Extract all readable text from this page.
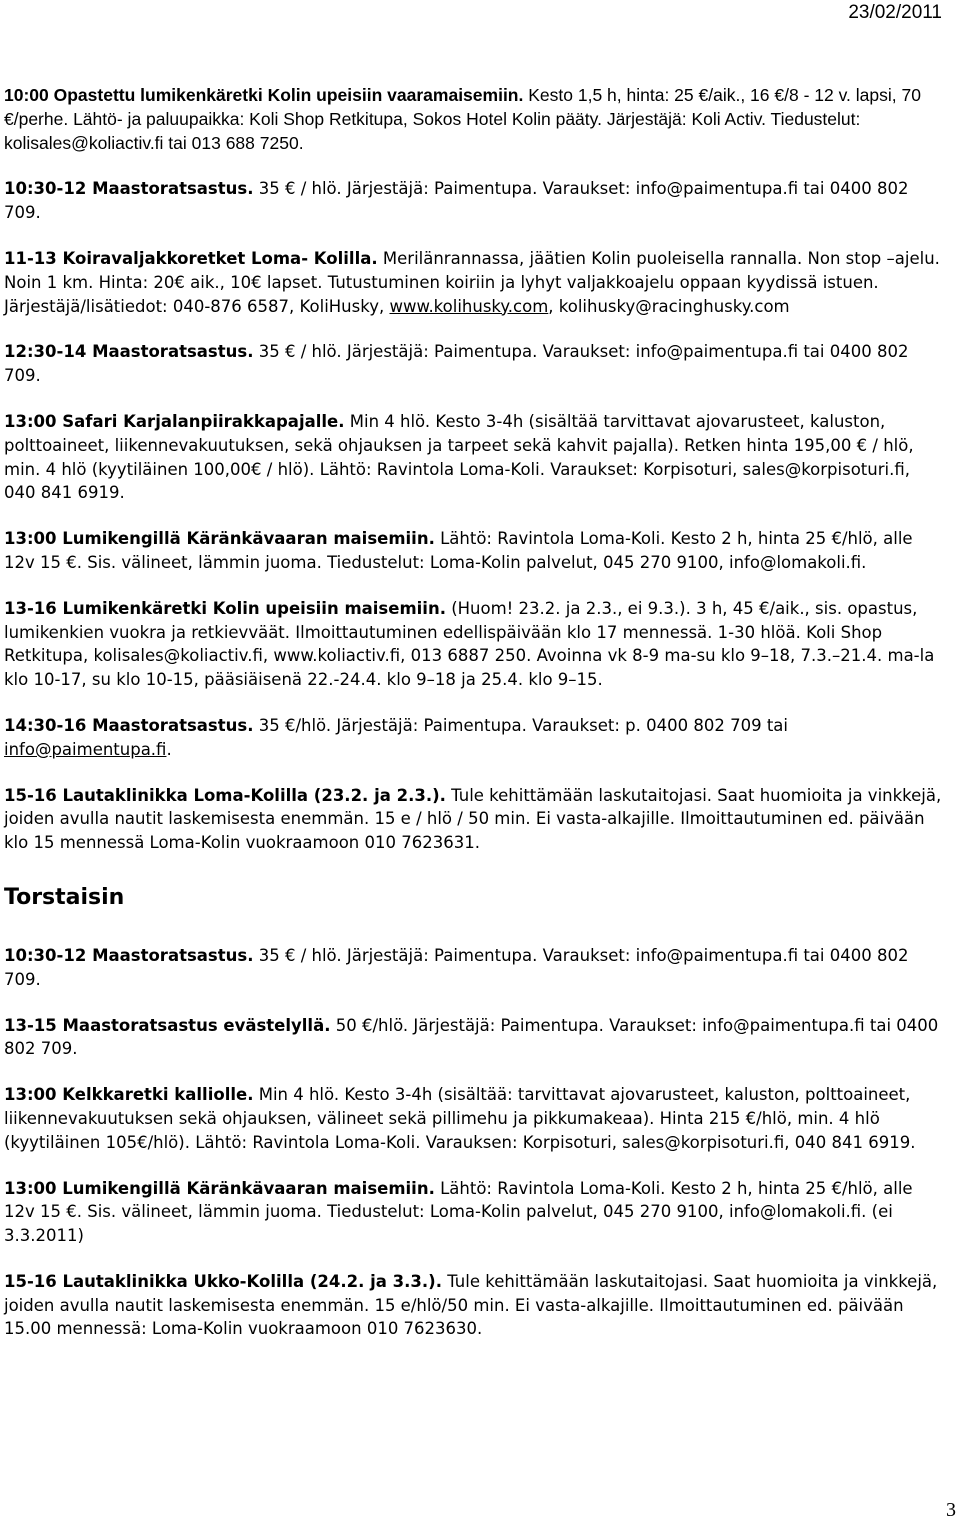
23/02/2011

10:00 Opastettu lumikenkäretki Kolin upeisiin vaaramaisemiin. Kesto 1,5 h, hinta: 25 €/aik., 16 €/8 - 12 v. lapsi, 70 €/perhe. Lähtö- ja paluupaikka: Koli Shop Retkitupa, Sokos Hotel Kolin pääty. Järjestäjä: Koli Activ. Tiedustelut: kolisales@koliactiv.fi tai 013 688 7250.

10:30-12 Maastoratsastus. 35 € / hlö. Järjestäjä: Paimentupa. Varaukset: info@paimentupa.fi tai 0400 802 709.

11-13 Koiravaljakkoretket Loma- Kolilla. Merilänrannassa, jäätien Kolin puoleisella rannalla. Non stop –ajelu. Noin 1 km. Hinta: 20€ aik., 10€ lapset. Tutustuminen koiriin ja lyhyt valjakkoajelu oppaan kyydissä istuen. Järjestäjä/lisätiedot: 040-876 6587, KoliHusky, www.kolihusky.com, kolihusky@racinghusky.com

12:30-14 Maastoratsastus. 35 € / hlö. Järjestäjä: Paimentupa. Varaukset: info@paimentupa.fi tai 0400 802 709.

13:00 Safari Karjalanpiirakkapajalle. Min 4 hlö. Kesto 3-4h (sisältää tarvittavat ajovarusteet, kaluston, polttoaineet, liikennevakuutuksen, sekä ohjauksen ja tarpeet sekä kahvit pajalla). Retken hinta 195,00 € / hlö, min. 4 hlö (kyytiläinen 100,00€ / hlö). Lähtö: Ravintola Loma-Koli. Varaukset: Korpisoturi, sales@korpisoturi.fi, 040 841 6919.

13:00 Lumikengillä Käränkävaaran maisemiin. Lähtö: Ravintola Loma-Koli. Kesto 2 h, hinta 25 €/hlö, alle 12v 15 €. Sis. välineet, lämmin juoma. Tiedustelut: Loma-Kolin palvelut, 045 270 9100, info@lomakoli.fi.

13-16 Lumikenkäretki Kolin upeisiin maisemiin. (Huom! 23.2. ja 2.3., ei 9.3.). 3 h, 45 €/aik., sis. opastus, lumikenkien vuokra ja retkievväät. Ilmoittautuminen edellispäivään klo 17 mennessä. 1-30 hlöä. Koli Shop Retkitupa, kolisales@koliactiv.fi, www.koliactiv.fi, 013 6887 250. Avoinna vk 8-9 ma-su klo 9–18, 7.3.–21.4. ma-la klo 10-17, su klo 10-15, pääsiäisenä 22.-24.4. klo 9–18 ja 25.4. klo 9–15.

14:30-16 Maastoratsastus. 35 €/hlö. Järjestäjä: Paimentupa. Varaukset: p. 0400 802 709 tai info@paimentupa.fi.

15-16 Lautaklinikka Loma-Kolilla (23.2. ja 2.3.). Tule kehittämään laskutaitojasi. Saat huomioita ja vinkkejä, joiden avulla nautit laskemisesta enemmän. 15 e / hlö / 50 min. Ei vasta-alkajille. Ilmoittautuminen ed. päivään klo 15 mennessä Loma-Kolin vuokraamoon 010 7623631.

Torstaisin

10:30-12 Maastoratsastus. 35 € / hlö. Järjestäjä: Paimentupa. Varaukset: info@paimentupa.fi tai 0400 802 709.

13-15 Maastoratsastus evästelyllä. 50 €/hlö. Järjestäjä: Paimentupa. Varaukset: info@paimentupa.fi tai 0400 802 709.

13:00 Kelkkaretki kalliolle. Min 4 hlö. Kesto 3-4h (sisältää: tarvittavat ajovarusteet, kaluston, polttoaineet, liikennevakuutuksen sekä ohjauksen, välineet sekä pillimehu ja pikkumakeaa). Hinta 215 €/hlö, min. 4 hlö (kyytiläinen 105€/hlö). Lähtö: Ravintola Loma-Koli. Varauksen: Korpisoturi, sales@korpisoturi.fi, 040 841 6919.

13:00 Lumikengillä Käränkävaaran maisemiin. Lähtö: Ravintola Loma-Koli. Kesto 2 h, hinta 25 €/hlö, alle 12v 15 €. Sis. välineet, lämmin juoma. Tiedustelut: Loma-Kolin palvelut, 045 270 9100, info@lomakoli.fi. (ei 3.3.2011)

15-16 Lautaklinikka Ukko-Kolilla (24.2. ja 3.3.). Tule kehittämään laskutaitojasi. Saat huomioita ja vinkkejä, joiden avulla nautit laskemisesta enemmän. 15 e/hlö/50 min. Ei vasta-alkajille. Ilmoittautuminen ed. päivään 15.00 mennessä: Loma-Kolin vuokraamoon 010 7623630.

3
